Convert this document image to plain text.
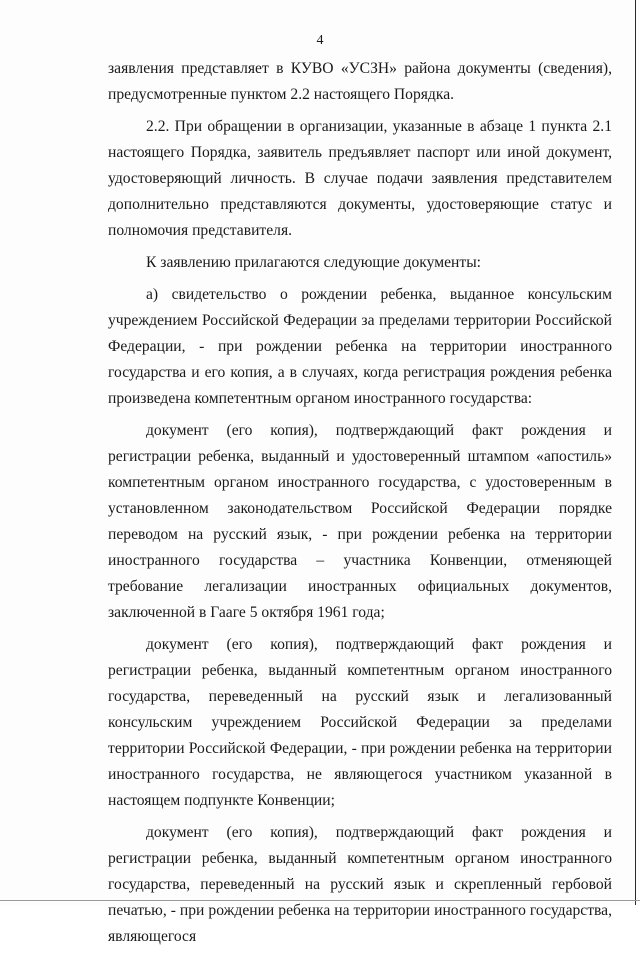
4

заявления представляет в КУВО «УСЗН» района документы (сведения), предусмотренные пунктом 2.2 настоящего Порядка.

2.2. При обращении в организации, указанные в абзаце 1 пункта 2.1 настоящего Порядка, заявитель предъявляет паспорт или иной документ, удостоверяющий личность. В случае подачи заявления представителем дополнительно представляются документы, удостоверяющие статус и полномочия представителя.

К заявлению прилагаются следующие документы:

а) свидетельство о рождении ребенка, выданное консульским учреждением Российской Федерации за пределами территории Российской Федерации, - при рождении ребенка на территории иностранного государства и его копия, а в случаях, когда регистрация рождения ребенка произведена компетентным органом иностранного государства:

документ (его копия), подтверждающий факт рождения и регистрации ребенка, выданный и удостоверенный штампом «апостиль» компетентным органом иностранного государства, с удостоверенным в установленном законодательством Российской Федерации порядке переводом на русский язык, - при рождении ребенка на территории иностранного государства – участника Конвенции, отменяющей требование легализации иностранных официальных документов, заключенной в Гааге 5 октября 1961 года;

документ (его копия), подтверждающий факт рождения и регистрации ребенка, выданный компетентным органом иностранного государства, переведенный на русский язык и легализованный консульским учреждением Российской Федерации за пределами территории Российской Федерации, - при рождении ребенка на территории иностранного государства, не являющегося участником указанной в настоящем подпункте Конвенции;

документ (его копия), подтверждающий факт рождения и регистрации ребенка, выданный компетентным органом иностранного государства, переведенный на русский язык и скрепленный гербовой печатью, - при рождении ребенка на территории иностранного государства, являющегося
